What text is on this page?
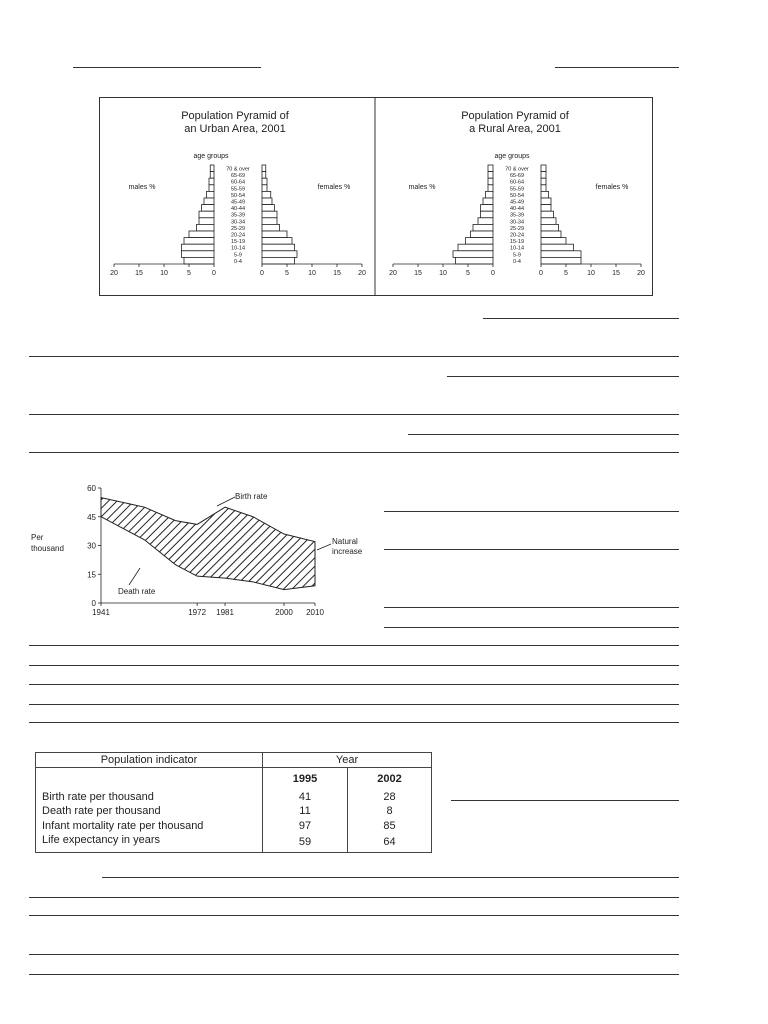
Population Pyramid of
an Urban Area, 2001
age groups
males %	females %
70 & over
65-69
60-64
55-59
50-54
45-49
40-44
35-39
30-34
25-29
20-24
15-19
10-14
5-9
0-4
20 15 10	5	0	0	5	10 15 20
Population Pyramid of
a Rural Area, 2001
age groups
males %	females %
70 & over
65-69
60-64
55-59
50-54
45-49
40-44
35-39
30-34
25-29
20-24
15-19
10-14
5-9
0-4
20 15 10	5	0	0	5	10 15 20
60
45
30
15
0
1941	1972 1981	2000 2010
Per
thousand
Birth rate
Death rate
Natural
increase
Population indicator	Year	
	1995	2002
Birth rate per thousand	41	28
Death rate per thousand	11	8
Infant mortality rate per thousand	97	85
Life expectancy in years	59	64
